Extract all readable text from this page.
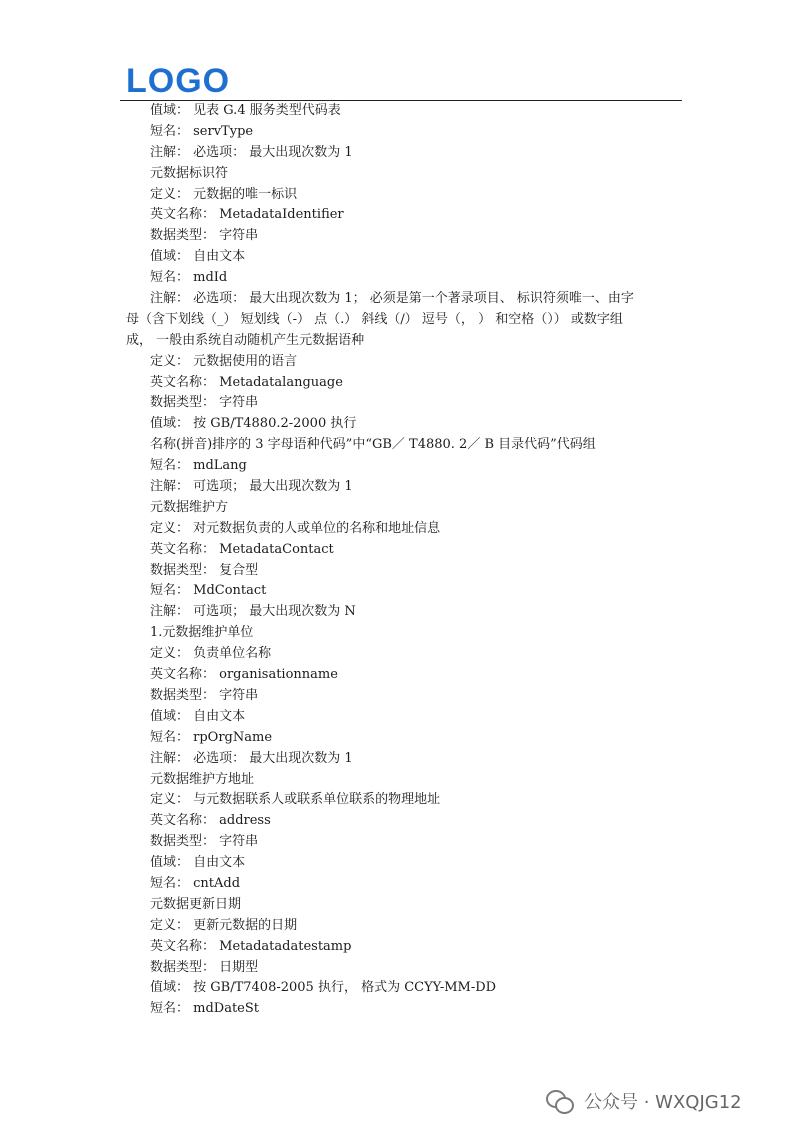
LOGO
值域： 见表 G.4 服务类型代码表
短名： servType
注解： 必选项： 最大出现次数为 1
元数据标识符
定义： 元数据的唯一标识
英文名称： MetadataIdentifier
数据类型： 字符串
值域： 自由文本
短名： mdId
注解： 必选项： 最大出现次数为 1； 必须是第一个著录项目、 标识符须唯一、由字
母（含下划线（_） 短划线（-） 点（.） 斜线（/） 逗号（， ） 和空格（）） 或数字组
成， 一般由系统自动随机产生元数据语种
定义： 元数据使用的语言
英文名称： Metadatalanguage
数据类型： 字符串
值域： 按 GB/T4880.2-2000 执行
名称(拼音)排序的 3 字母语种代码”中“GB／ T4880. 2／ B 目录代码”代码组
短名： mdLang
注解： 可选项； 最大出现次数为 1
元数据维护方
定义： 对元数据负责的人或单位的名称和地址信息
英文名称： MetadataContact
数据类型： 复合型
短名： MdContact
注解： 可选项； 最大出现次数为 N
1.元数据维护单位
定义： 负责单位名称
英文名称： organisationname
数据类型： 字符串
值域： 自由文本
短名： rpOrgName
注解： 必选项： 最大出现次数为 1
元数据维护方地址
定义： 与元数据联系人或联系单位联系的物理地址
英文名称： address
数据类型： 字符串
值域： 自由文本
短名： cntAdd
元数据更新日期
定义： 更新元数据的日期
英文名称： Metadatadatestamp
数据类型： 日期型
值域： 按 GB/T7408-2005 执行， 格式为 CCYY-MM-DD
短名： mdDateSt
公众号 · WXQJG12
